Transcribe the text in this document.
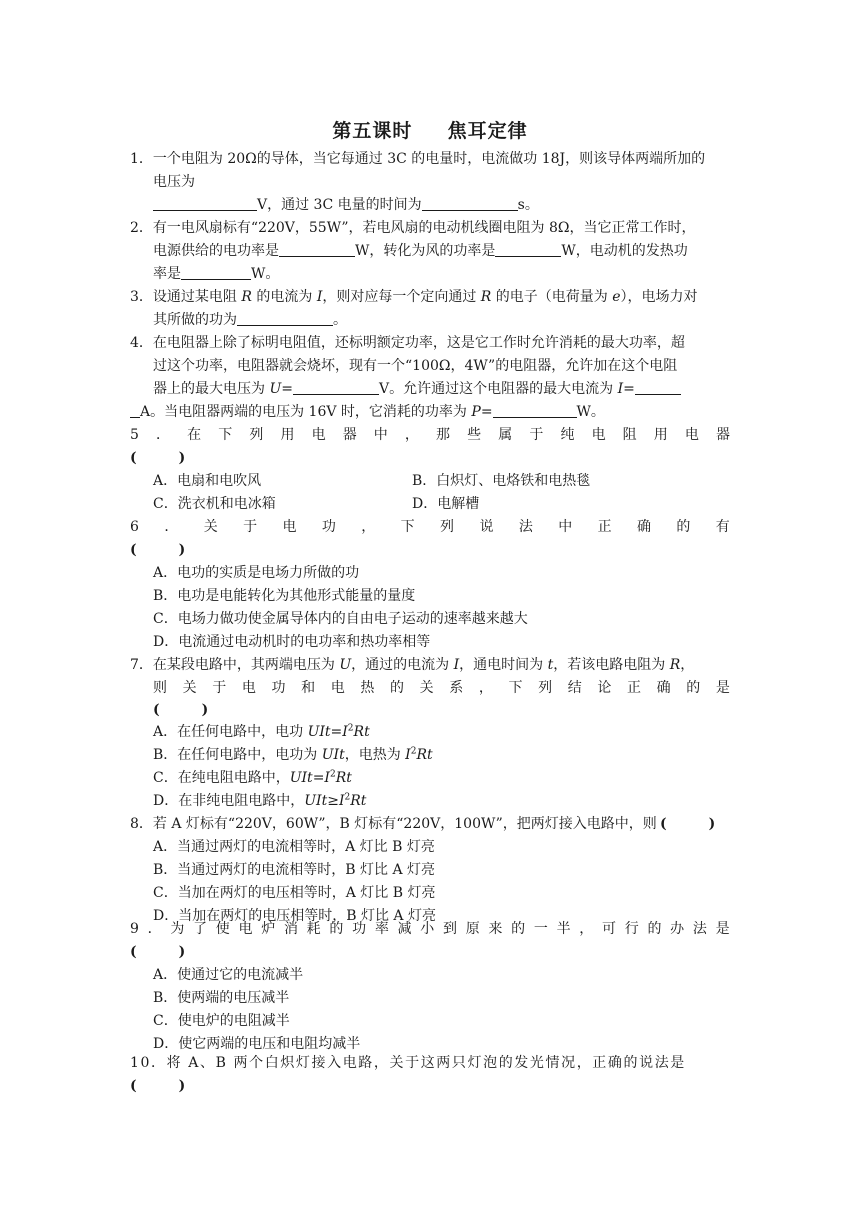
第五课时　  焦耳定律
1．一个电阻为 20Ω的导体，当它每通过 3C 的电量时，电流做功 18J，则该导体两端所加的
电压为
V，通过 3C 电量的时间为	s。
2．有一电风扇标有“220V，55W”，若电风扇的电动机线圈电阻为 8Ω，当它正常工作时，
电源供给的电功率是	W，转化为风的功率是	W，电动机的发热功
率是	W。
3．设通过某电阻 R 的电流为 I，则对应每一个定向通过 R 的电子（电荷量为 e），电场力对
其所做的功为	。
4．在电阻器上除了标明电阻值，还标明额定功率，这是它工作时允许消耗的最大功率，超
过这个功率，电阻器就会烧坏，现有一个“100Ω，4W”的电阻器，允许加在这个电阻
器上的最大电压为 U=	V。允许通过这个电阻器的最大电流为 I=
A。当电阻器两端的电压为 16V 时，它消耗的功率为 P=	W。
5 ． 在 下 列 用 电 器 中 ， 那 些 属 于 纯 电 阻 用 电 器
(　　　)
A．电扇和电吹风	B．白炽灯、电烙铁和电热毯
C．洗衣机和电冰箱	D．电解槽
6 ． 关 于 电 功 ， 下 列 说 法 中 正 确 的 有
(　　　)
A．电功的实质是电场力所做的功
B．电功是电能转化为其他形式能量的量度
C．电场力做功使金属导体内的自由电子运动的速率越来越大
D．电流通过电动机时的电功率和热功率相等
7．在某段电路中，其两端电压为 U，通过的电流为 I，通电时间为 t，若该电路电阻为 R，
则 关 于 电 功 和 电 热 的 关 系 ， 下 列 结 论 正 确 的 是
(　　　)
A．在任何电路中，电功 $UIt=I^2Rt$
B．在任何电路中，电功为 UIt，电热为 $I^2Rt$
C．在纯电阻电路中，$UIt=I^2Rt$
D．在非纯电阻电路中，$UIt\ge I^2Rt$
8．若 A 灯标有“220V，60W”，B 灯标有“220V，100W”，把两灯接入电路中，则 (　　　)
A．当通过两灯的电流相等时，A 灯比 B 灯亮
B．当通过两灯的电流相等时，B 灯比 A 灯亮
C．当加在两灯的电压相等时，A 灯比 B 灯亮
D．当加在两灯的电压相等时，B 灯比 A 灯亮
9 ． 为 了 使 电 炉 消 耗 的 功 率 减 小 到 原 来 的 一 半 ， 可 行 的 办 法 是
(　　　)
A．使通过它的电流减半
B．使两端的电压减半
C．使电炉的电阻减半
D．使它两端的电压和电阻均减半
10．将 A、B 两个白炽灯接入电路，关于这两只灯泡的发光情况，正确的说法是
(　　　)
